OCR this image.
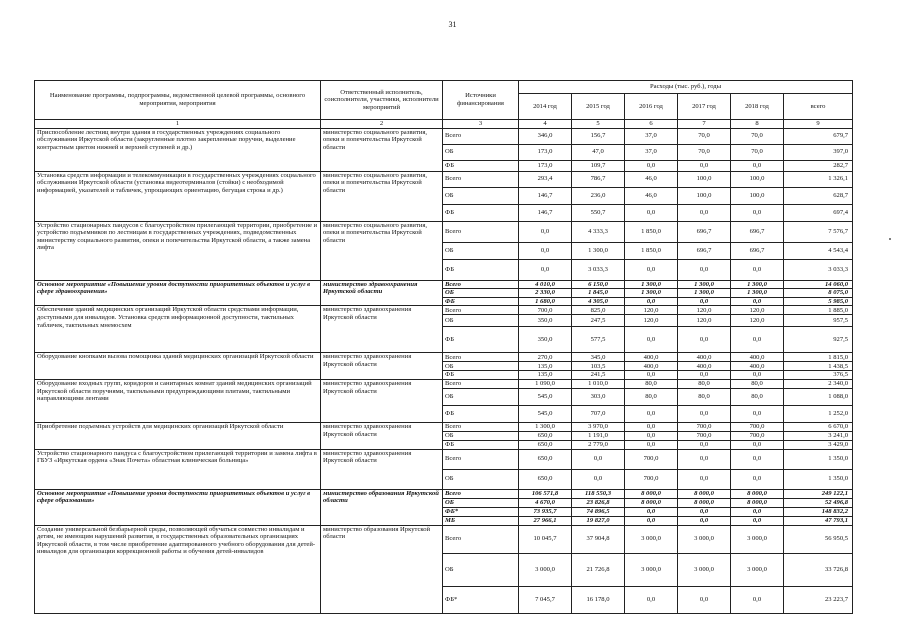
31
Наименование программы, подпрограммы, ведомственной целевой программы, основного мероприятия, мероприятия	Ответственный исполнитель, соисполнители, участники, исполнители мероприятий	Источники финансирования	Расходы (тыс. руб.), годы					
			2014 год	2015 год	2016 год	2017 год	2018 год	всего
1	2	3	4	5	6	7	8	9
Приспособление лестниц внутри здания в государственных учреждениях социального обслуживания Иркутской области (закругленные плотно закрепленные поручни, выделение контрастным цветом нижней и верхней ступеней и др.)	министерство социального развития, опеки и попечительства Иркутской области	Всего	346,0	156,7	37,0	70,0	70,0	679,7
		ОБ	173,0	47,0	37,0	70,0	70,0	397,0
		ФБ	173,0	109,7	0,0	0,0	0,0	282,7
Установка средств информации и телекоммуникации в государственных учреждениях социального обслуживания Иркутской области (установка видеотерминалов (стойки) с необходимой информацией, указателей и табличек, упрощающих ориентацию, бегущая строка и др.)	министерство социального развития, опеки и попечительства Иркутской области	Всего	293,4	786,7	46,0	100,0	100,0	1 326,1
		ОБ	146,7	236,0	46,0	100,0	100,0	628,7
		ФБ	146,7	550,7	0,0	0,0	0,0	697,4
Устройство стационарных пандусов с благоустройством прилегающей территории, приобретение и устройство подъемников по лестницам в государственных учреждениях, подведомственных министерству социального развития, опеки и попечительства Иркутской области, а также замена лифта	министерство социального развития, опеки и попечительства Иркутской области	Всего	0,0	4 333,3	1 850,0	696,7	696,7	7 576,7
		ОБ	0,0	1 300,0	1 850,0	696,7	696,7	4 543,4
		ФБ	0,0	3 033,3	0,0	0,0	0,0	3 033,3
Основное мероприятие «Повышение уровня доступности приоритетных объектов и услуг в сфере здравоохранения»	министерство здравоохранения Иркутской области	Всего	4 010,0	6 150,0	1 300,0	1 300,0	1 300,0	14 060,0
		ОБ	2 330,0	1 845,0	1 300,0	1 300,0	1 300,0	8 075,0
		ФБ	1 680,0	4 305,0	0,0	0,0	0,0	5 985,0
Обеспечение зданий медицинских организаций Иркутской области средствами информации, доступными для инвалидов. Установка средств информационной доступности, тактильных табличек, тактильных мнемосхем	министерство здравоохранения Иркутской области	Всего	700,0	825,0	120,0	120,0	120,0	1 885,0
		ОБ	350,0	247,5	120,0	120,0	120,0	957,5
		ФБ	350,0	577,5	0,0	0,0	0,0	927,5
Оборудование кнопками вызова помощника зданий медицинских организаций Иркутской области	министерство здравоохранения Иркутской области	Всего	270,0	345,0	400,0	400,0	400,0	1 815,0
		ОБ	135,0	103,5	400,0	400,0	400,0	1 438,5
		ФБ	135,0	241,5	0,0	0,0	0,0	376,5
Оборудование входных групп, коридоров и санитарных комнат зданий медицинских организаций Иркутской области поручнями, тактильными предупреждающими плитами, тактильными направляющими лентами	министерство здравоохранения Иркутской области	Всего	1 090,0	1 010,0	80,0	80,0	80,0	2 340,0
		ОБ	545,0	303,0	80,0	80,0	80,0	1 088,0
		ФБ	545,0	707,0	0,0	0,0	0,0	1 252,0
Приобретение подъемных устройств для медицинских организаций Иркутской области	министерство здравоохранения Иркутской области	Всего	1 300,0	3 970,0	0,0	700,0	700,0	6 670,0
		ОБ	650,0	1 191,0	0,0	700,0	700,0	3 241,0
		ФБ	650,0	2 779,0	0,0	0,0	0,0	3 429,0
Устройство стационарного пандуса с благоустройством прилегающей территории и замена лифта в ГБУЗ «Иркутская ордена «Знак Почета» областная клиническая больница»	министерство здравоохранения Иркутской области	Всего	650,0	0,0	700,0	0,0	0,0	1 350,0
		ОБ	650,0	0,0	700,0	0,0	0,0	1 350,0
Основное мероприятие «Повышение уровня доступности приоритетных объектов и услуг в сфере образования»	министерство образования Иркутской области	Всего	106 571,8	118 550,3	8 000,0	8 000,0	8 000,0	249 122,1
		ОБ	4 670,0	23 826,8	8 000,0	8 000,0	8 000,0	52 496,8
		ФБ*	73 935,7	74 896,5	0,0	0,0	0,0	148 832,2
		МБ	27 966,1	19 827,0	0,0	0,0	0,0	47 793,1
Создание универсальной безбарьерной среды, позволяющей обучаться совместно инвалидам и детям, не имеющим нарушений развития, в государственных образовательных организациях Иркутской области, в том числе приобретение адаптированного учебного оборудования для детей-инвалидов для организации коррекционной работы и обучения детей-инвалидов	министерство образования Иркутской области	Всего	10 045,7	37 904,8	3 000,0	3 000,0	3 000,0	56 950,5
		ОБ	3 000,0	21 726,8	3 000,0	3 000,0	3 000,0	33 726,8
		ФБ*	7 045,7	16 178,0	0,0	0,0	0,0	23 223,7
